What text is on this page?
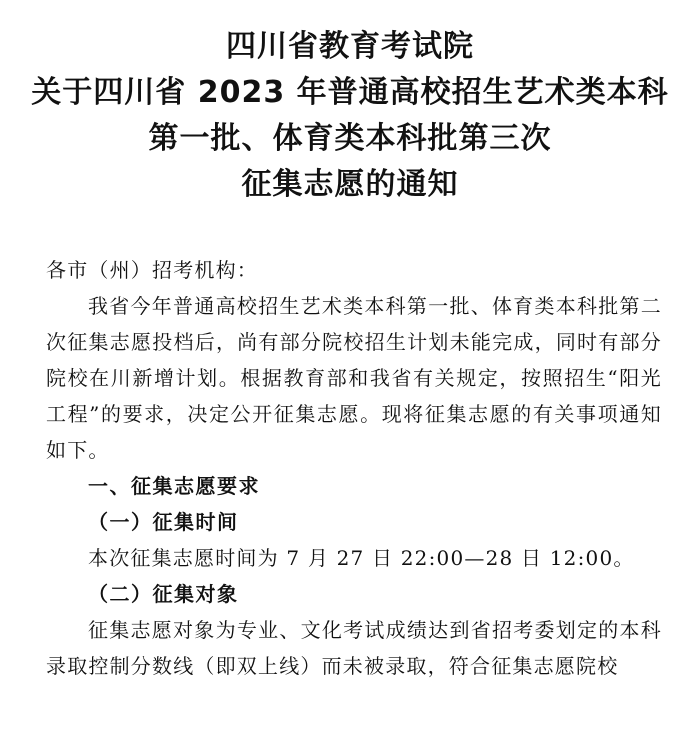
四川省教育考试院
关于四川省 2023 年普通高校招生艺术类本科
第一批、体育类本科批第三次
征集志愿的通知

各市（州）招考机构：

我省今年普通高校招生艺术类本科第一批、体育类本科批第二次征集志愿投档后，尚有部分院校招生计划未能完成，同时有部分院校在川新增计划。根据教育部和我省有关规定，按照招生“阳光工程”的要求，决定公开征集志愿。现将征集志愿的有关事项通知如下。

一、征集志愿要求

（一）征集时间

本次征集志愿时间为 7 月 27 日 22:00—28 日 12:00。

（二）征集对象

征集志愿对象为专业、文化考试成绩达到省招考委划定的本科录取控制分数线（即双上线）而未被录取，符合征集志愿院校
